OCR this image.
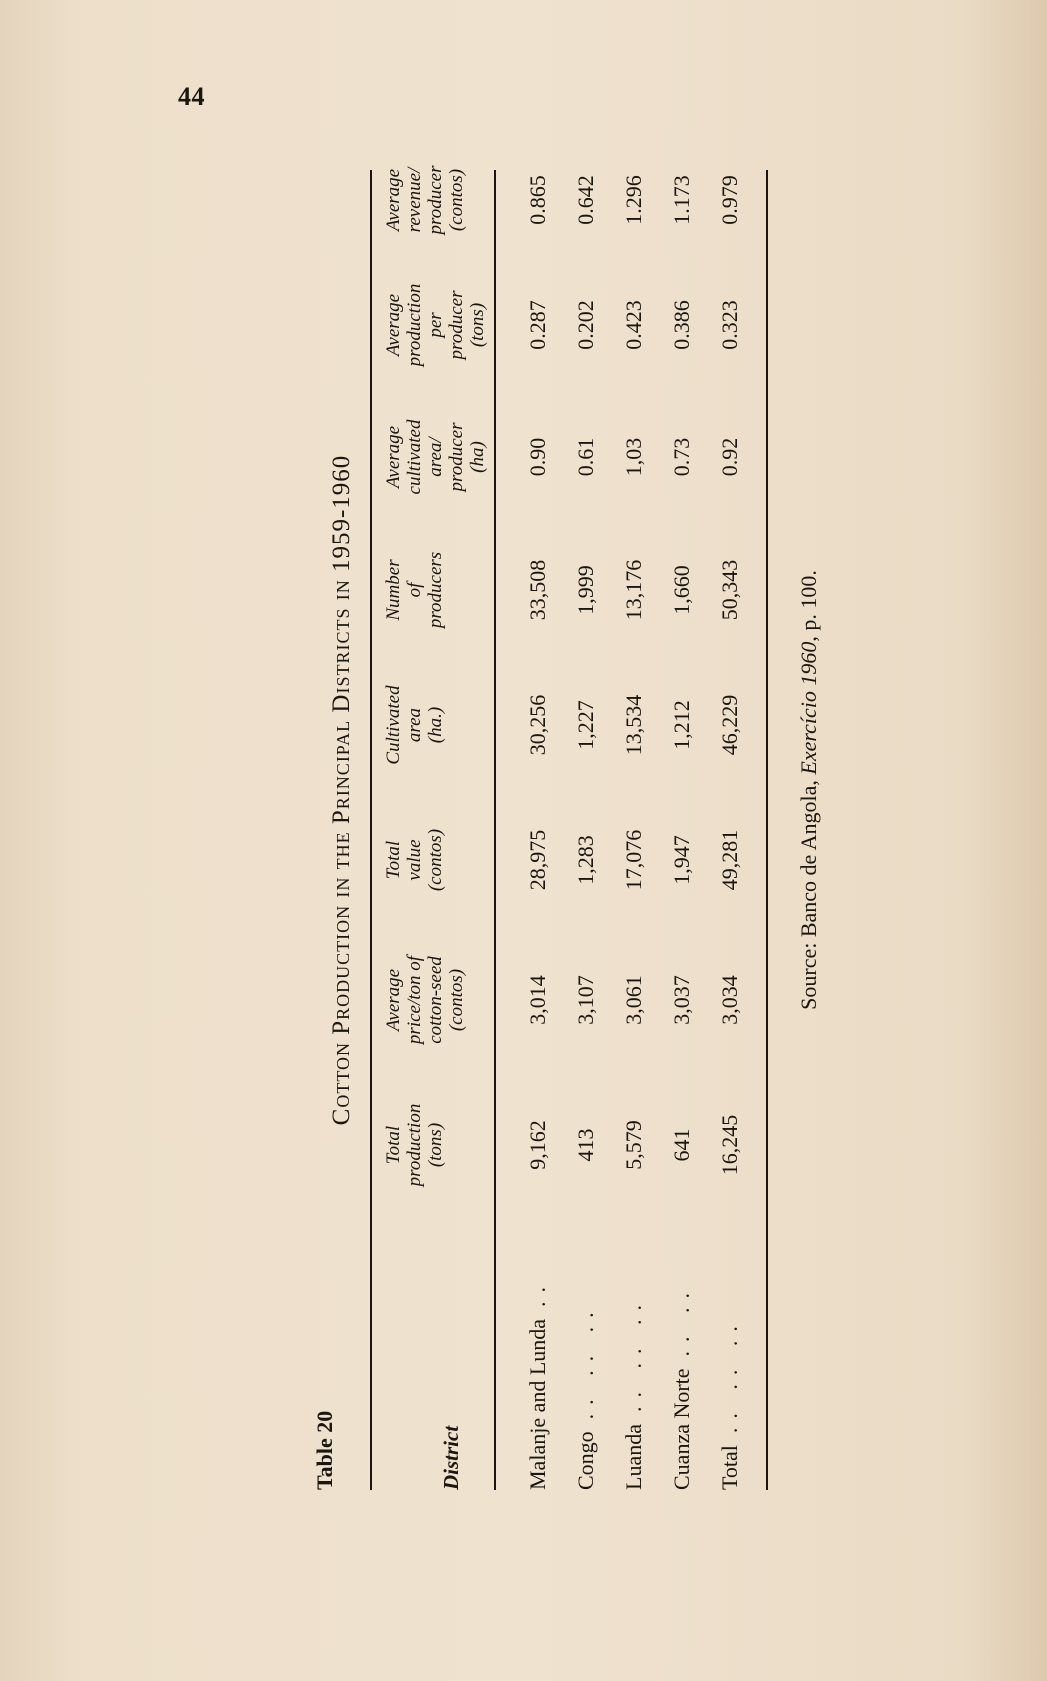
44
Table 20
Cotton Production in the Principal Districts in 1959-1960
District
Total
production
(tons)
Average
price/ton of
cotton-seed
(contos)
Total
value
(contos)
Cultivated
area
(ha.)
Number
of
producers
Average
cultivated
area/
producer
(ha)
Average
production
per
producer
(tons)
Average
revenue/
producer
(contos)
Malanje and Lunda..
9,162
3,014
28,975
30,256
33,508
0.90
0.287
0.865
Congo.. .. ..
413
3,107
1,283
1,227
1,999
0.61
0.202
0.642
Luanda.. .. ..
5,579
3,061
17,076
13,534
13,176
1,03
0.423
1.296
Cuanza Norte.. ..
641
3,037
1,947
1,212
1,660
0.73
0.386
1.173
Total.. .. ..
16,245
3,034
49,281
46,229
50,343
0.92
0.323
0.979
Source: Banco de Angola, Exercício 1960, p. 100.
